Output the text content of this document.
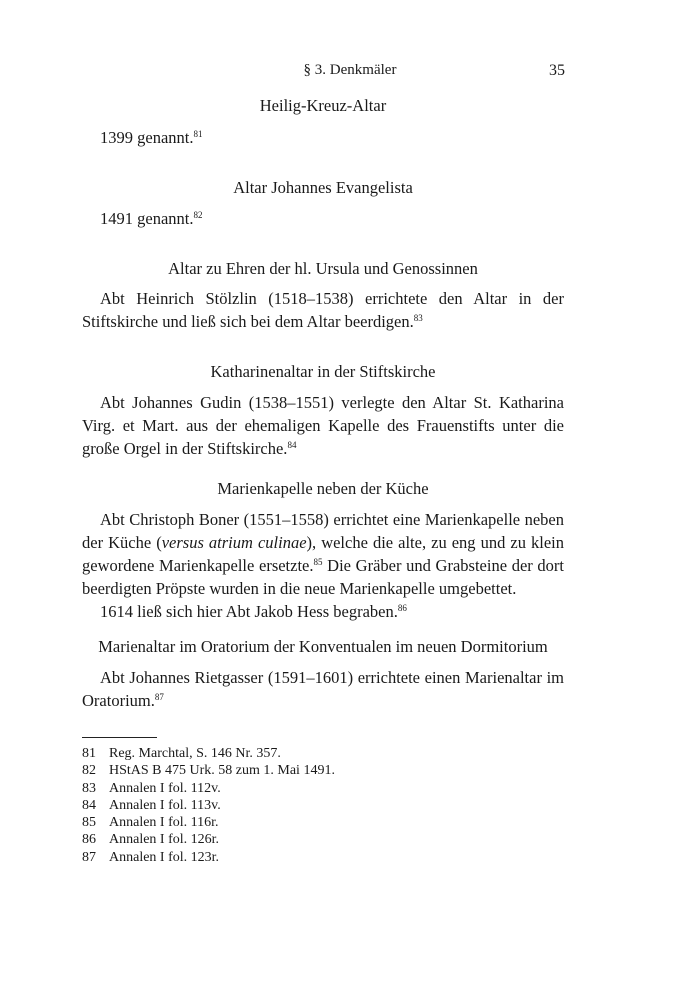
§ 3. Denkmäler	35
Heilig-Kreuz-Altar

1399 genannt.$^{81}$

Altar Johannes Evangelista

1491 genannt.$^{82}$

Altar zu Ehren der hl. Ursula und Genossinnen

Abt Heinrich Stölzlin (1518–1538) errichtete den Altar in der Stiftskirche und ließ sich bei dem Altar beerdigen.$^{83}$

Katharinenaltar in der Stiftskirche

Abt Johannes Gudin (1538–1551) verlegte den Altar St. Katharina Virg. et Mart. aus der ehemaligen Kapelle des Frauenstifts unter die große Orgel in der Stiftskirche.$^{84}$

Marienkapelle neben der Küche

Abt Christoph Boner (1551–1558) errichtet eine Marienkapelle neben der Küche (versus atrium culinae), welche die alte, zu eng und zu klein gewordene Marienkapelle ersetzte.$^{85}$ Die Gräber und Grabsteine der dort beerdigten Pröpste wurden in die neue Marienkapelle umgebettet.

1614 ließ sich hier Abt Jakob Hess begraben.$^{86}$

Marienaltar im Oratorium der Konventualen im neuen Dormitorium

Abt Johannes Rietgasser (1591–1601) errichtete einen Marienaltar im Oratorium.$^{87}$

81 Reg. Marchtal, S. 146 Nr. 357.
82 HStAS B 475 Urk. 58 zum 1. Mai 1491.
83 Annalen I fol. 112v.
84 Annalen I fol. 113v.
85 Annalen I fol. 116r.
86 Annalen I fol. 126r.
87 Annalen I fol. 123r.
